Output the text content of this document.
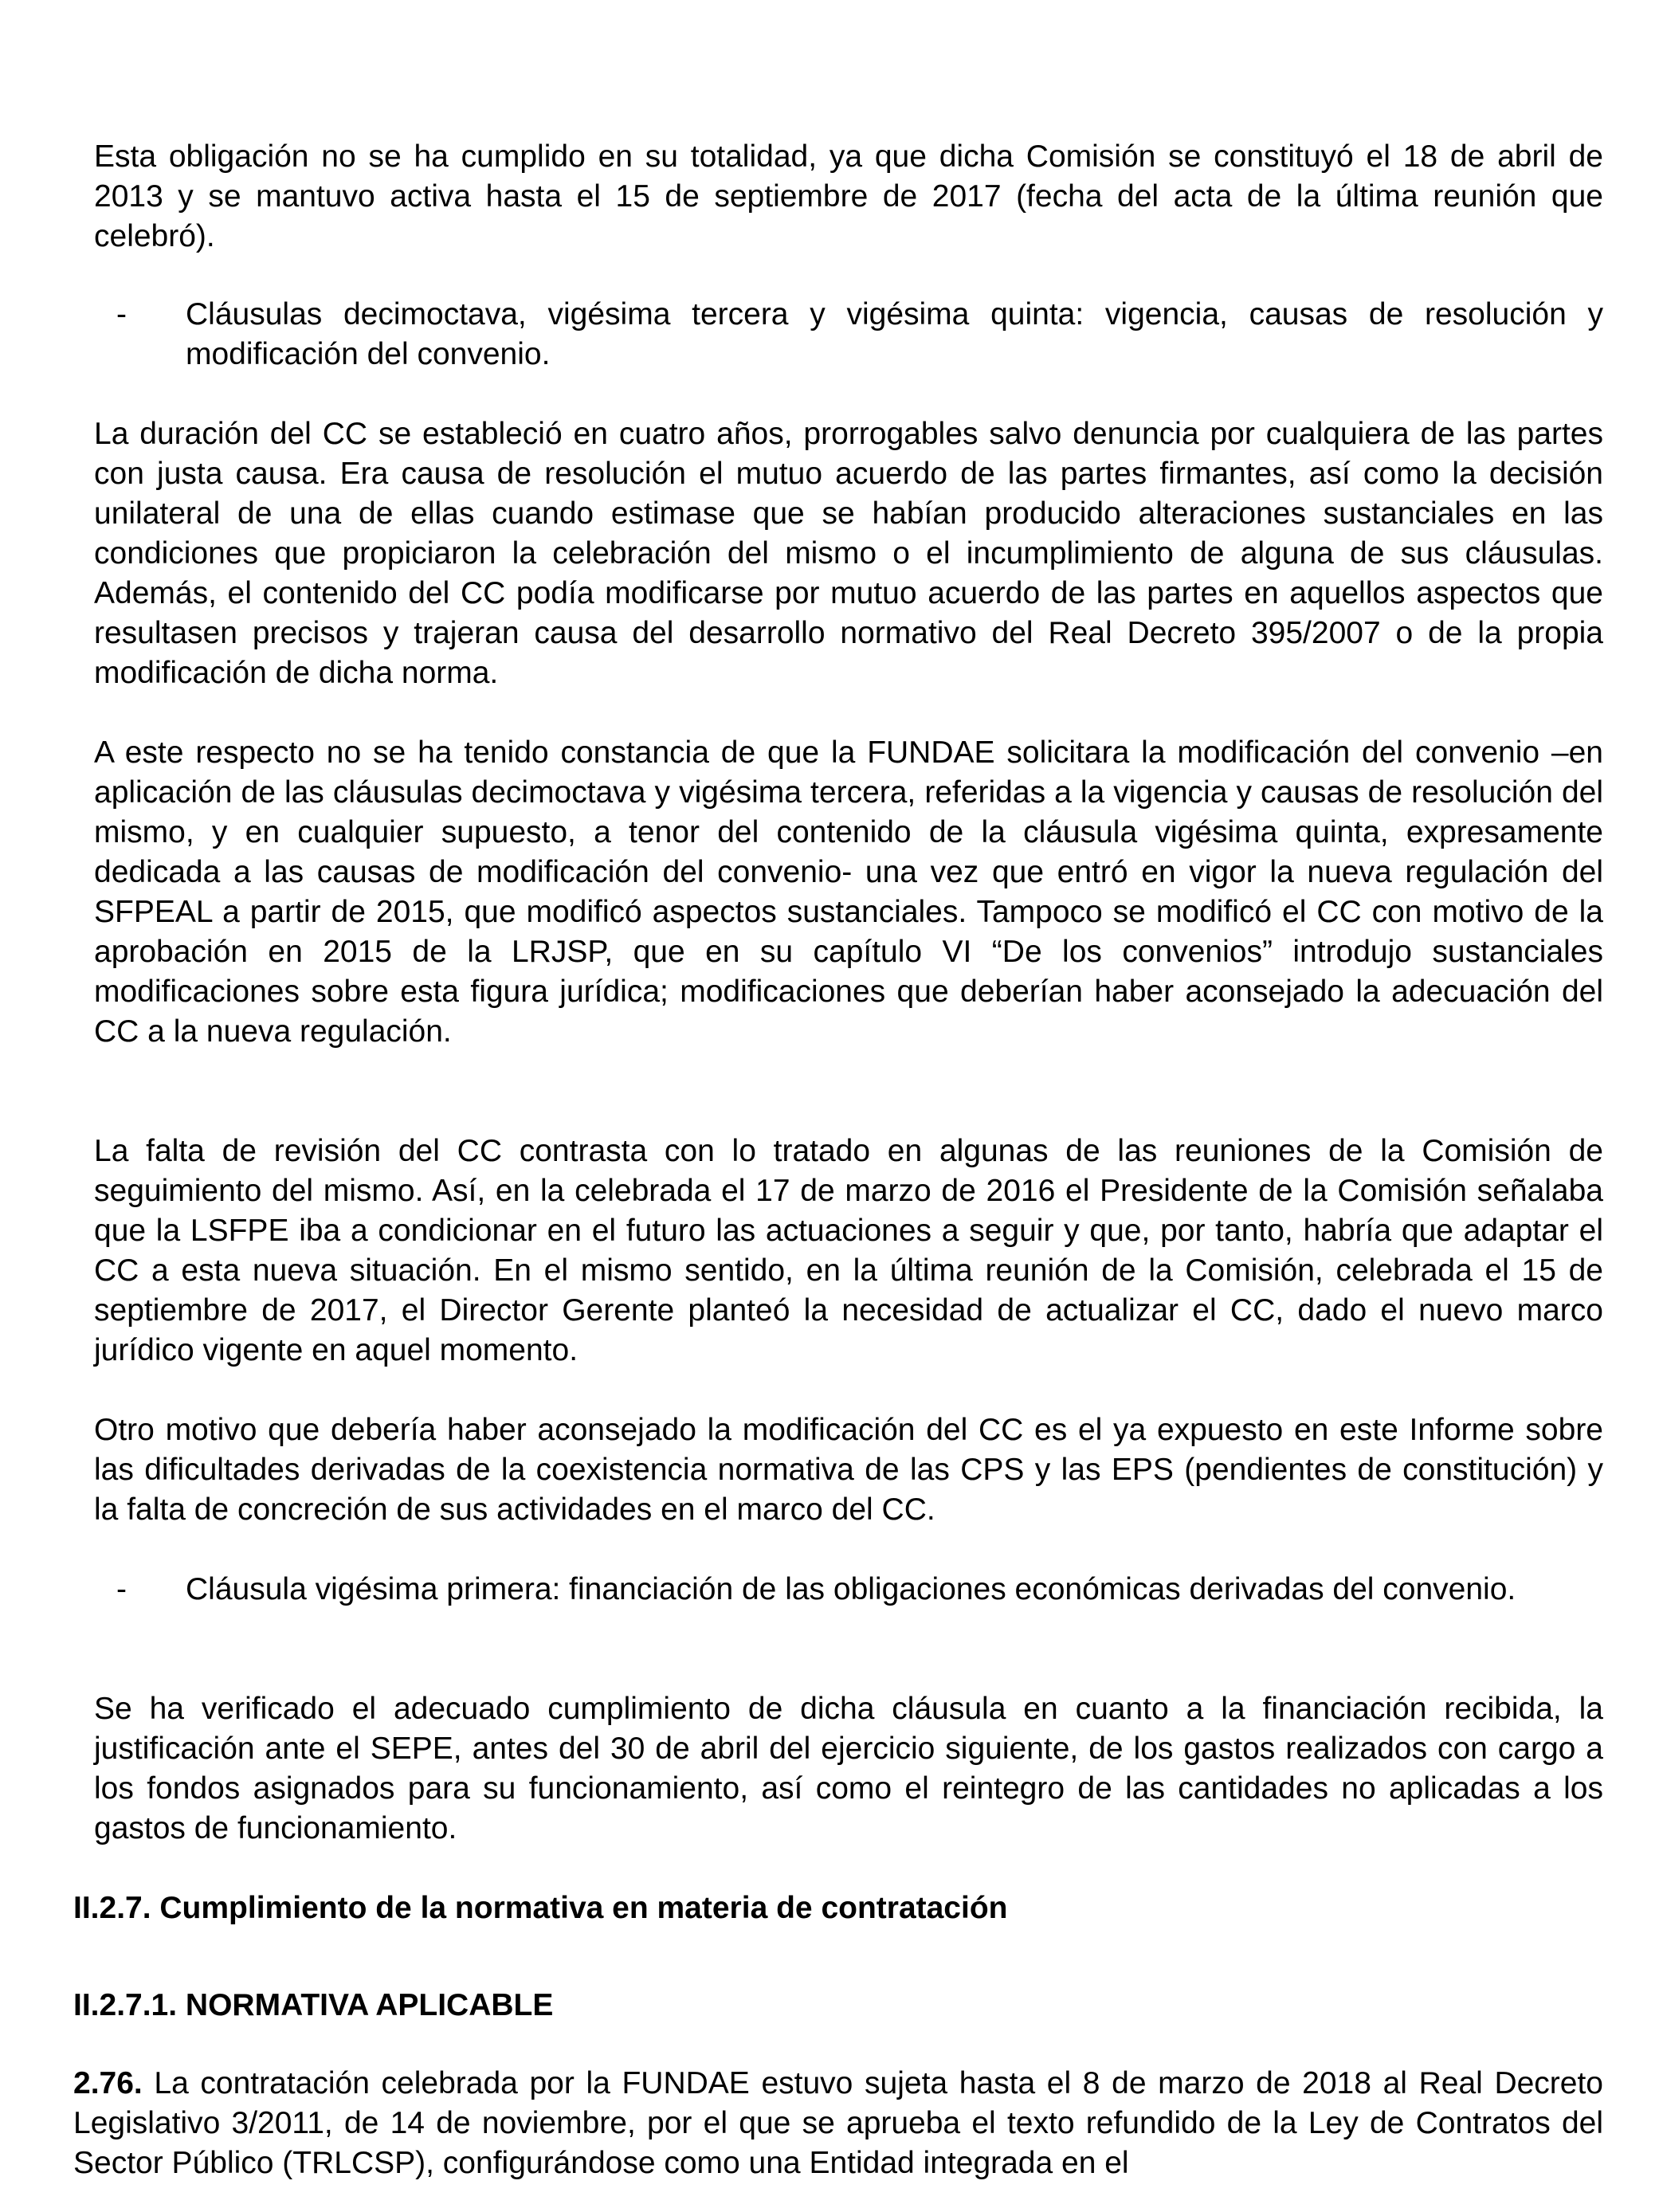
Esta obligación no se ha cumplido en su totalidad, ya que dicha Comisión se constituyó el 18 de abril de 2013 y se mantuvo activa hasta el 15 de septiembre de 2017 (fecha del acta de la última reunión que celebró).

- Cláusulas decimoctava, vigésima tercera y vigésima quinta: vigencia, causas de resolución y modificación del convenio.

La duración del CC se estableció en cuatro años, prorrogables salvo denuncia por cualquiera de las partes con justa causa. Era causa de resolución el mutuo acuerdo de las partes firmantes, así como la decisión unilateral de una de ellas cuando estimase que se habían producido alteraciones sustanciales en las condiciones que propiciaron la celebración del mismo o el incumplimiento de alguna de sus cláusulas. Además, el contenido del CC podía modificarse por mutuo acuerdo de las partes en aquellos aspectos que resultasen precisos y trajeran causa del desarrollo normativo del Real Decreto 395/2007 o de la propia modificación de dicha norma.

A este respecto no se ha tenido constancia de que la FUNDAE solicitara la modificación del convenio –en aplicación de las cláusulas decimoctava y vigésima tercera, referidas a la vigencia y causas de resolución del mismo, y en cualquier supuesto, a tenor del contenido de la cláusula vigésima quinta, expresamente dedicada a las causas de modificación del convenio- una vez que entró en vigor la nueva regulación del SFPEAL a partir de 2015, que modificó aspectos sustanciales. Tampoco se modificó el CC con motivo de la aprobación en 2015 de la LRJSP, que en su capítulo VI “De los convenios” introdujo sustanciales modificaciones sobre esta figura jurídica; modificaciones que deberían haber aconsejado la adecuación del CC a la nueva regulación.

La falta de revisión del CC contrasta con lo tratado en algunas de las reuniones de la Comisión de seguimiento del mismo. Así, en la celebrada el 17 de marzo de 2016 el Presidente de la Comisión señalaba que la LSFPE iba a condicionar en el futuro las actuaciones a seguir y que, por tanto, habría que adaptar el CC a esta nueva situación. En el mismo sentido, en la última reunión de la Comisión, celebrada el 15 de septiembre de 2017, el Director Gerente planteó la necesidad de actualizar el CC, dado el nuevo marco jurídico vigente en aquel momento.

Otro motivo que debería haber aconsejado la modificación del CC es el ya expuesto en este Informe sobre las dificultades derivadas de la coexistencia normativa de las CPS y las EPS (pendientes de constitución) y la falta de concreción de sus actividades en el marco del CC.

- Cláusula vigésima primera: financiación de las obligaciones económicas derivadas del convenio.

Se ha verificado el adecuado cumplimiento de dicha cláusula en cuanto a la financiación recibida, la justificación ante el SEPE, antes del 30 de abril del ejercicio siguiente, de los gastos realizados con cargo a los fondos asignados para su funcionamiento, así como el reintegro de las cantidades no aplicadas a los gastos de funcionamiento.

II.2.7. Cumplimiento de la normativa en materia de contratación
II.2.7.1. NORMATIVA APLICABLE

2.76. La contratación celebrada por la FUNDAE estuvo sujeta hasta el 8 de marzo de 2018 al Real Decreto Legislativo 3/2011, de 14 de noviembre, por el que se aprueba el texto refundido de la Ley de Contratos del Sector Público (TRLCSP), configurándose como una Entidad integrada en el
